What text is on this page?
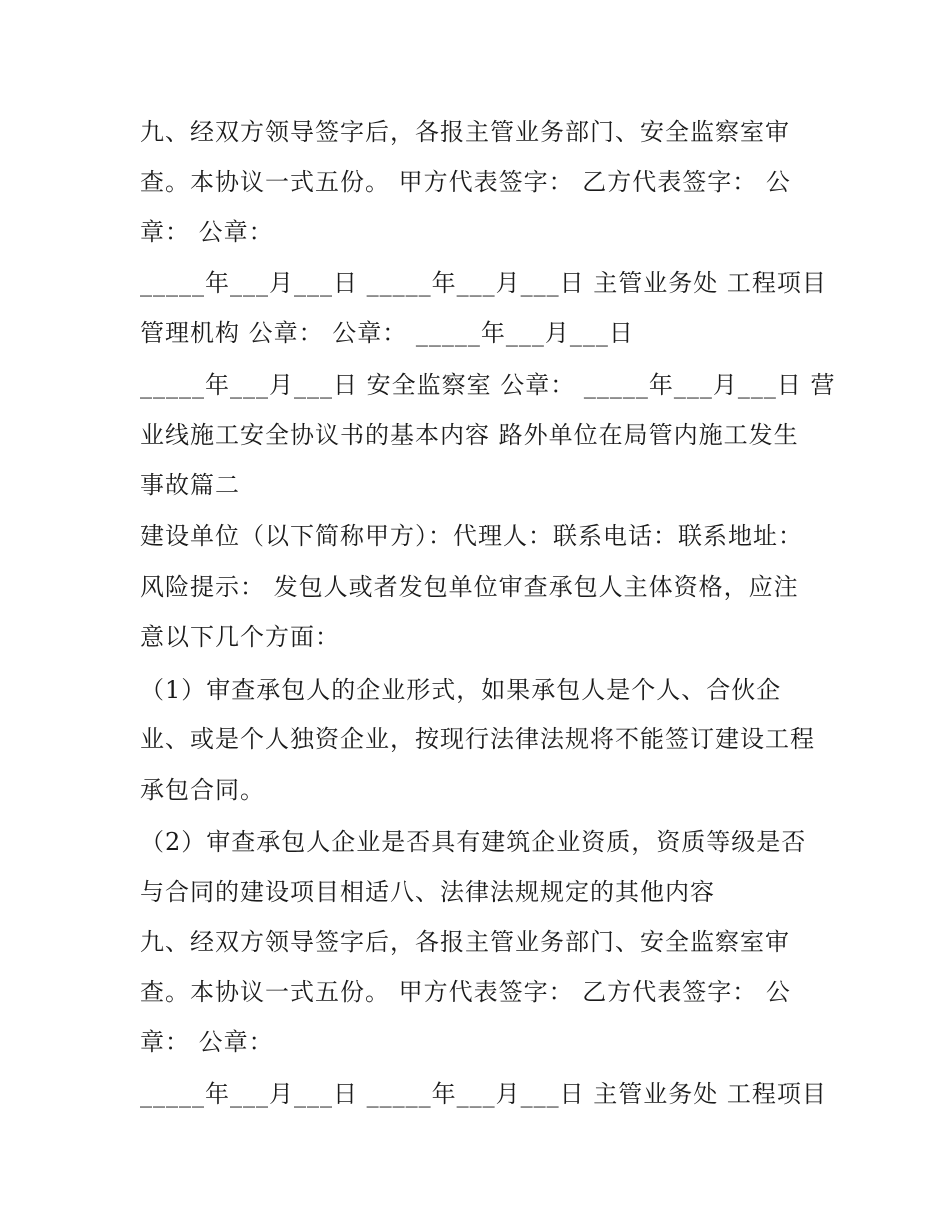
九、经双方领导签字后，各报主管业务部门、安全监察室审
查。本协议一式五份。 甲方代表签字： 乙方代表签字： 公
章： 公章：
_____年___月___日 _____年___月___日 主管业务处 工程项目
管理机构 公章： 公章： _____年___月___日
_____年___月___日 安全监察室 公章： _____年___月___日 营
业线施工安全协议书的基本内容 路外单位在局管内施工发生
事故篇二
建设单位（以下简称甲方）：代理人：联系电话：联系地址：
风险提示： 发包人或者发包单位审查承包人主体资格，应注
意以下几个方面：
（1）审查承包人的企业形式，如果承包人是个人、合伙企
业、或是个人独资企业，按现行法律法规将不能签订建设工程
承包合同。
（2）审查承包人企业是否具有建筑企业资质，资质等级是否
与合同的建设项目相适八、法律法规规定的其他内容
九、经双方领导签字后，各报主管业务部门、安全监察室审
查。本协议一式五份。 甲方代表签字： 乙方代表签字： 公
章： 公章：
_____年___月___日 _____年___月___日 主管业务处 工程项目
